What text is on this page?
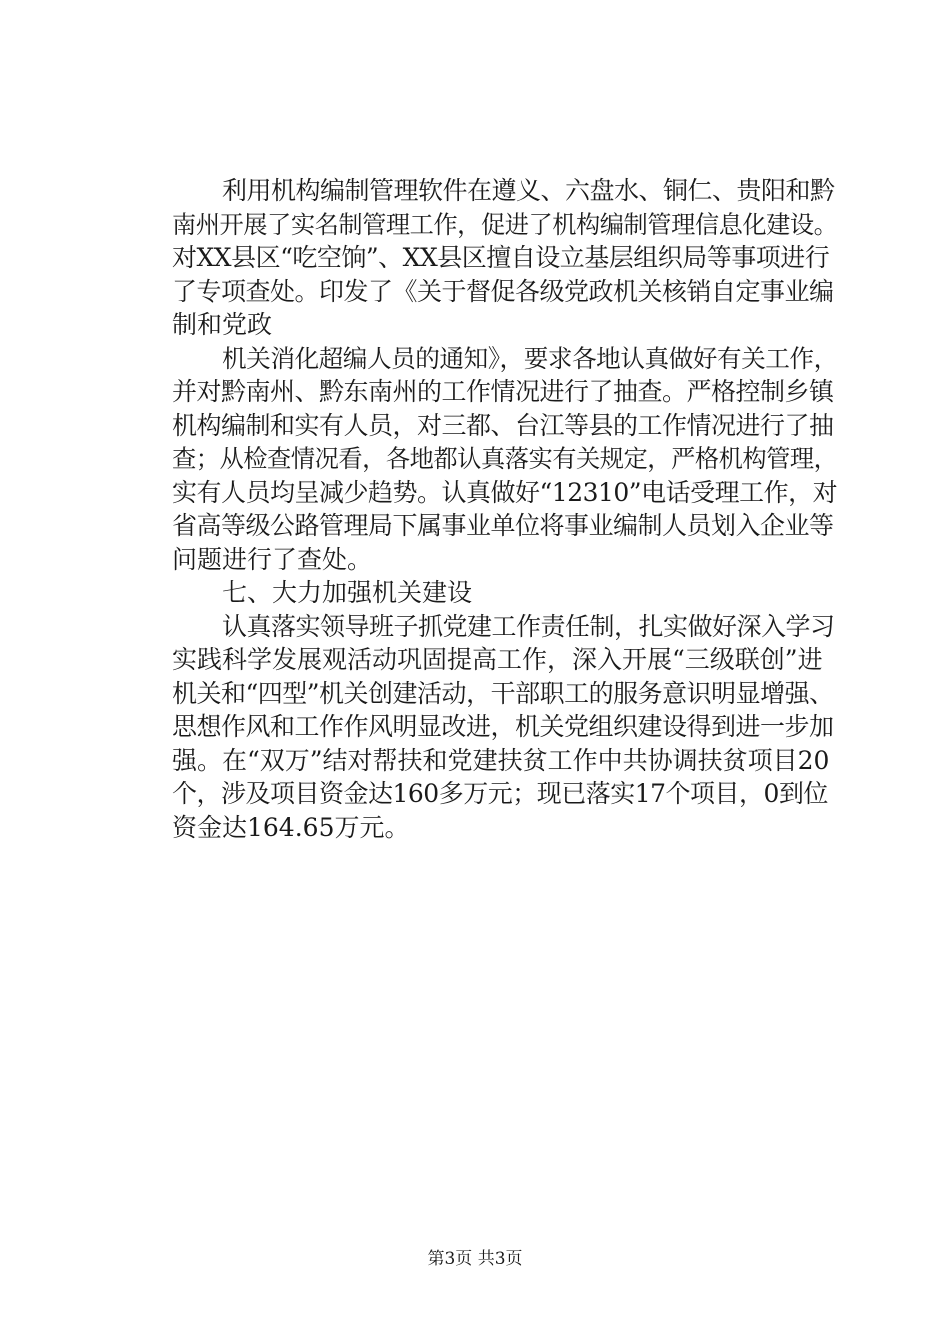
利用机构编制管理软件在遵义、六盘水、铜仁、贵阳和黔
南州开展了实名制管理工作，促进了机构编制管理信息化建设。
对XX县区“吃空饷”、XX县区擅自设立基层组织局等事项进行
了专项查处。印发了《关于督促各级党政机关核销自定事业编
制和党政
机关消化超编人员的通知》，要求各地认真做好有关工作，
并对黔南州、黔东南州的工作情况进行了抽查。严格控制乡镇
机构编制和实有人员，对三都、台江等县的工作情况进行了抽
查；从检查情况看，各地都认真落实有关规定，严格机构管理，
实有人员均呈减少趋势。认真做好“12310”电话受理工作，对
省高等级公路管理局下属事业单位将事业编制人员划入企业等
问题进行了查处。
七、大力加强机关建设
认真落实领导班子抓党建工作责任制，扎实做好深入学习
实践科学发展观活动巩固提高工作，深入开展“三级联创”进
机关和“四型”机关创建活动，干部职工的服务意识明显增强、
思想作风和工作作风明显改进，机关党组织建设得到进一步加
强。在“双万”结对帮扶和党建扶贫工作中共协调扶贫项目20
个，涉及项目资金达160多万元；现已落实17个项目，0到位
资金达164.65万元。
第3页 共3页
